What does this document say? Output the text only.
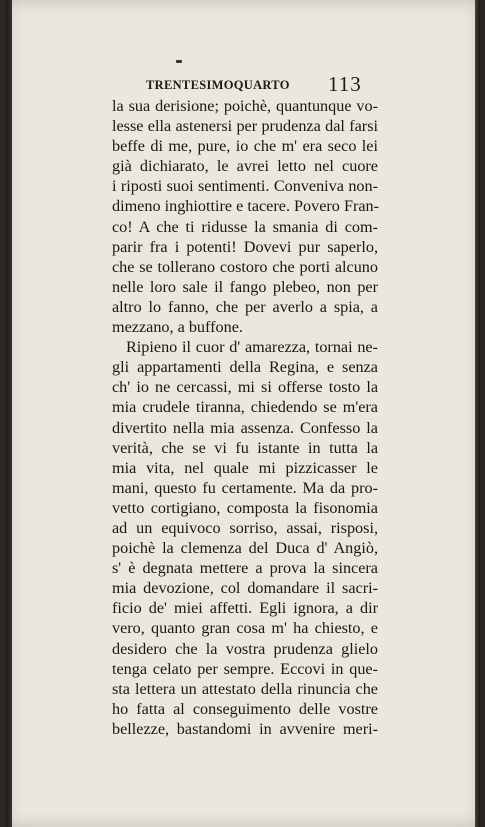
TRENTESIMOQUARTO 113
la sua derisione; poichè, quantunque vo-
lesse ella astenersi per prudenza dal farsi
beffe di me, pure, io che m' era seco lei
già dichiarato, le avrei letto nel cuore
i riposti suoi sentimenti. Conveniva non-
dimeno inghiottire e tacere. Povero Fran-
co! A che ti ridusse la smania di com-
parir fra i potenti! Dovevi pur saperlo,
che se tollerano costoro che porti alcuno
nelle loro sale il fango plebeo, non per
altro lo fanno, che per averlo a spia, a
mezzano, a buffone.
Ripieno il cuor d' amarezza, tornai ne-
gli appartamenti della Regina, e senza
ch' io ne cercassi, mi si offerse tosto la
mia crudele tiranna, chiedendo se m'era
divertito nella mia assenza. Confesso la
verità, che se vi fu istante in tutta la
mia vita, nel quale mi pizzicasser le
mani, questo fu certamente. Ma da pro-
vetto cortigiano, composta la fisonomia
ad un equivoco sorriso, assai, risposi,
poichè la clemenza del Duca d' Angiò,
s' è degnata mettere a prova la sincera
mia devozione, col domandare il sacri-
ficio de' miei affetti. Egli ignora, a dir
vero, quanto gran cosa m' ha chiesto, e
desidero che la vostra prudenza glielo
tenga celato per sempre. Eccovi in que-
sta lettera un attestato della rinuncia che
ho fatta al conseguimento delle vostre
bellezze, bastandomi in avvenire meri-
